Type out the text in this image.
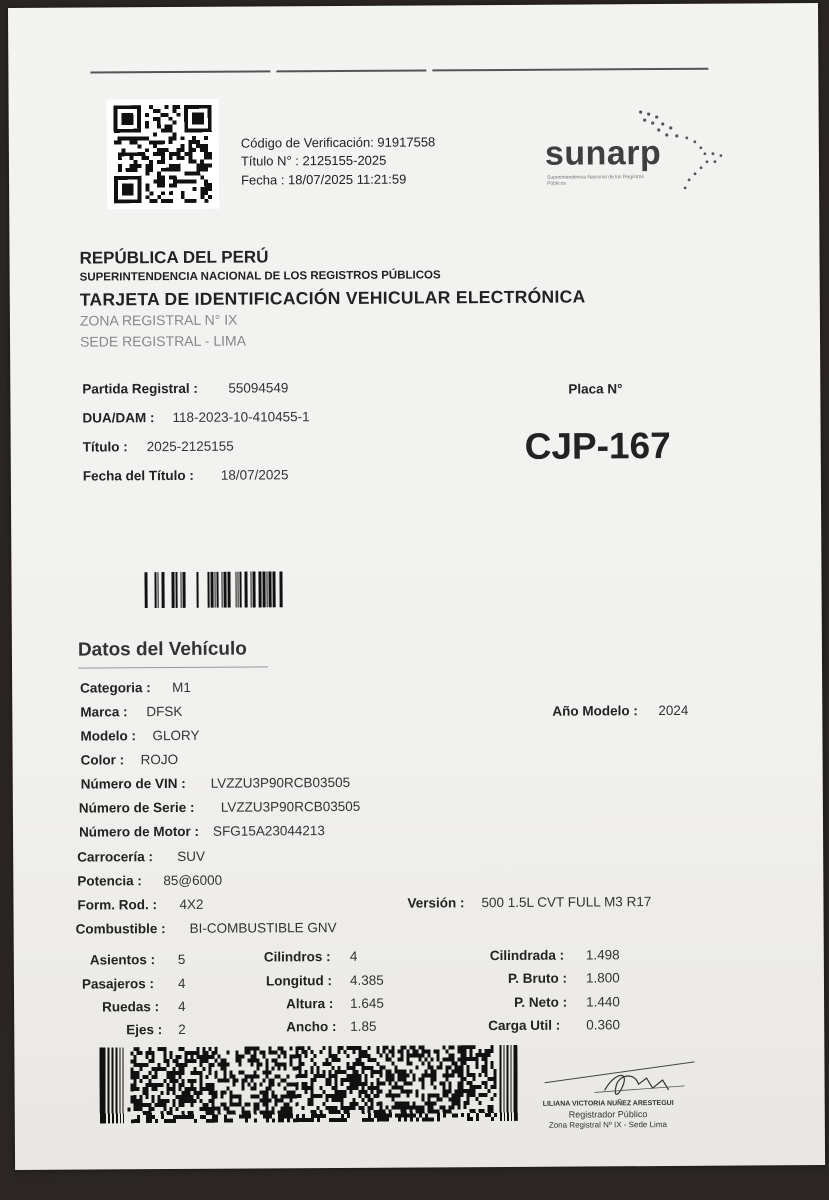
Código de Verificación: 91917558
Título N° : 2125155-2025
Fecha : 18/07/2025 11:21:59
sunarp
Superintendencia Nacional de los Registros Públicos
REPÚBLICA DEL PERÚ
SUPERINTENDENCIA NACIONAL DE LOS REGISTROS PÚBLICOS
TARJETA DE IDENTIFICACIÓN VEHICULAR ELECTRÓNICA
ZONA REGISTRAL N° IX
SEDE REGISTRAL - LIMA
Partida Registral : 55094549
DUA/DAM : 118-2023-10-410455-1
Título : 2025-2125155
Fecha del Título : 18/07/2025
Placa N°
CJP-167
Datos del Vehículo
Categoria : M1
Marca : DFSK	Año Modelo : 2024
Modelo : GLORY
Color : ROJO
Número de VIN : LVZZU3P90RCB03505
Número de Serie : LVZZU3P90RCB03505
Número de Motor : SFG15A23044213
Carrocería : SUV
Potencia : 85@6000
Form. Rod. : 4X2	Versión : 500 1.5L CVT FULL M3 R17
Combustible : BI-COMBUSTIBLE GNV
Asientos : 5
Pasajeros : 4
Ruedas : 4
Ejes : 2
Cilindros : 4
Longitud : 4.385
Altura : 1.645
Ancho : 1.85
Cilindrada : 1.498
P. Bruto : 1.800
P. Neto : 1.440
Carga Util : 0.360
LILIANA VICTORIA NUÑEZ ARESTEGUI
Registrador Público
Zona Registral Nº IX - Sede Lima
